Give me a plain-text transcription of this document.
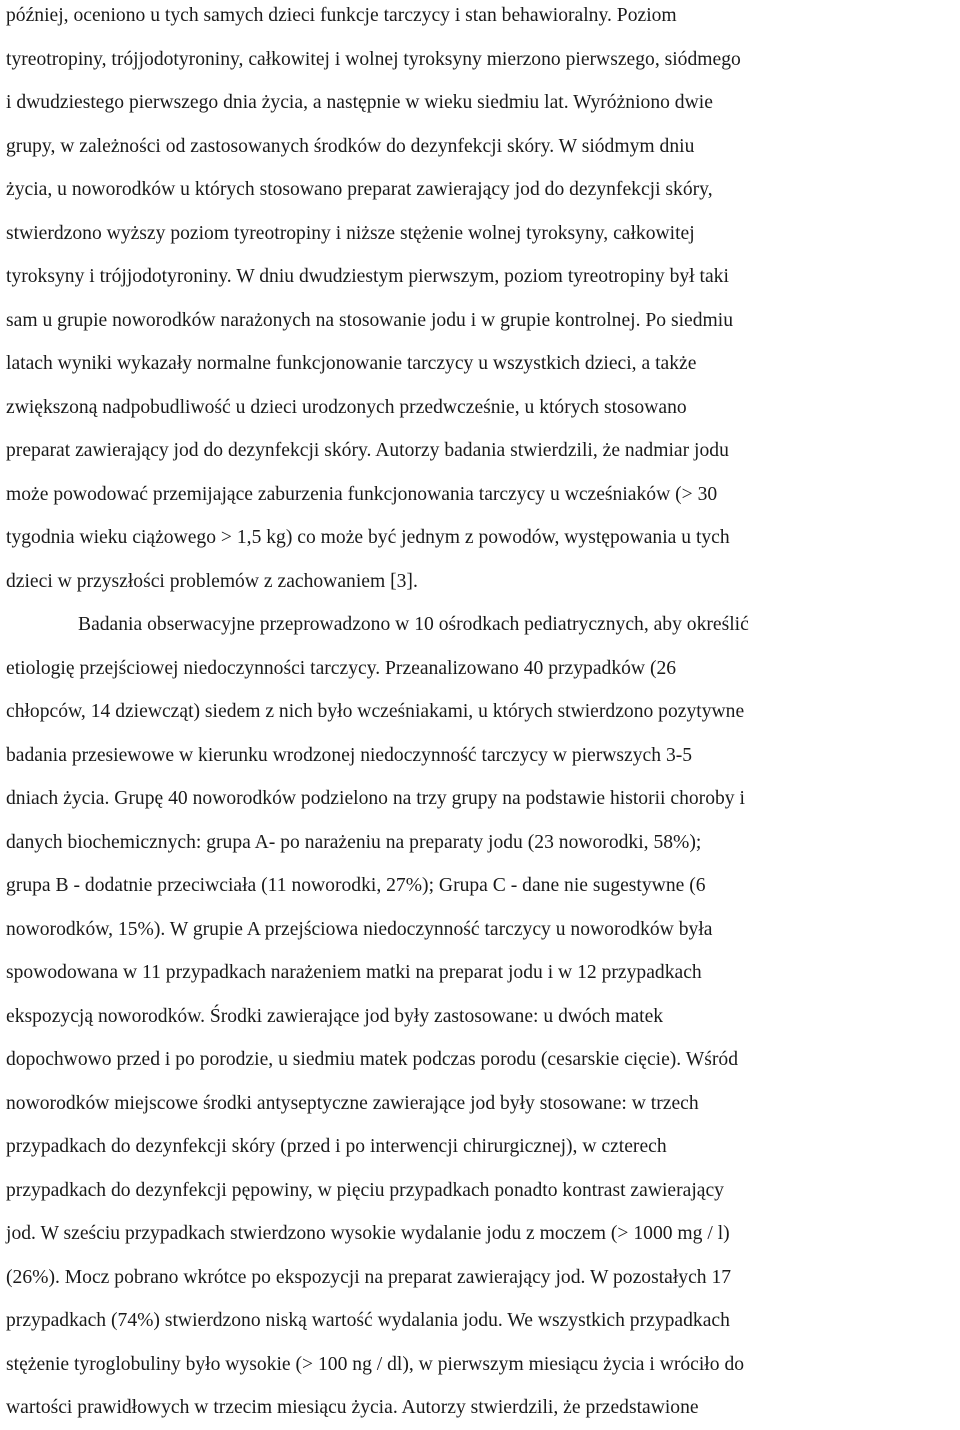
później, oceniono u tych samych dzieci funkcje tarczycy i stan behawioralny. Poziom
tyreotropiny, trójjodotyroniny, całkowitej i wolnej tyroksyny mierzono pierwszego, siódmego
i dwudziestego pierwszego dnia życia, a następnie w wieku siedmiu lat. Wyróżniono dwie
grupy, w zależności od zastosowanych środków do dezynfekcji skóry. W siódmym dniu
życia, u noworodków u których stosowano preparat zawierający jod do dezynfekcji skóry,
stwierdzono wyższy poziom tyreotropiny i niższe stężenie wolnej tyroksyny, całkowitej
tyroksyny i trójjodotyroniny. W dniu dwudziestym pierwszym, poziom tyreotropiny był taki
sam u grupie noworodków narażonych na stosowanie jodu i w grupie kontrolnej. Po siedmiu
latach wyniki wykazały normalne funkcjonowanie tarczycy u wszystkich dzieci, a także
zwiększoną nadpobudliwość u dzieci urodzonych przedwcześnie, u których stosowano
preparat zawierający jod do dezynfekcji skóry. Autorzy badania stwierdzili, że nadmiar jodu
może powodować przemijające zaburzenia funkcjonowania tarczycy u wcześniaków (> 30
tygodnia wieku ciążowego > 1,5 kg) co może być jednym z powodów, występowania u tych
dzieci w przyszłości problemów z zachowaniem [3].
Badania obserwacyjne przeprowadzono w 10 ośrodkach pediatrycznych, aby określić
etiologię przejściowej niedoczynności tarczycy. Przeanalizowano 40 przypadków (26
chłopców, 14 dziewcząt) siedem z nich było wcześniakami, u których stwierdzono pozytywne
badania przesiewowe w kierunku wrodzonej niedoczynność tarczycy w pierwszych 3-5
dniach życia. Grupę 40 noworodków podzielono na trzy grupy na podstawie historii choroby i
danych biochemicznych: grupa A- po narażeniu na preparaty jodu (23 noworodki, 58%);
grupa B - dodatnie przeciwciała (11 noworodki, 27%); Grupa C - dane nie sugestywne (6
noworodków, 15%). W grupie A przejściowa niedoczynność tarczycy u noworodków była
spowodowana w 11 przypadkach narażeniem matki na preparat jodu i w 12 przypadkach
ekspozycją noworodków. Środki zawierające jod były zastosowane: u dwóch matek
dopochwowo przed i po porodzie, u siedmiu matek podczas porodu (cesarskie cięcie). Wśród
noworodków miejscowe środki antyseptyczne zawierające jod były stosowane: w trzech
przypadkach do dezynfekcji skóry (przed i po interwencji chirurgicznej), w czterech
przypadkach do dezynfekcji pępowiny, w pięciu przypadkach ponadto kontrast zawierający
jod. W sześciu przypadkach stwierdzono wysokie wydalanie jodu z moczem (> 1000 mg / l)
(26%). Mocz pobrano wkrótce po ekspozycji na preparat zawierający jod. W pozostałych 17
przypadkach (74%) stwierdzono niską wartość wydalania jodu. We wszystkich przypadkach
stężenie tyroglobuliny było wysokie (> 100 ng / dl), w pierwszym miesiącu życia i wróciło do
wartości prawidłowych w trzecim miesiącu życia. Autorzy stwierdzili, że przedstawione
